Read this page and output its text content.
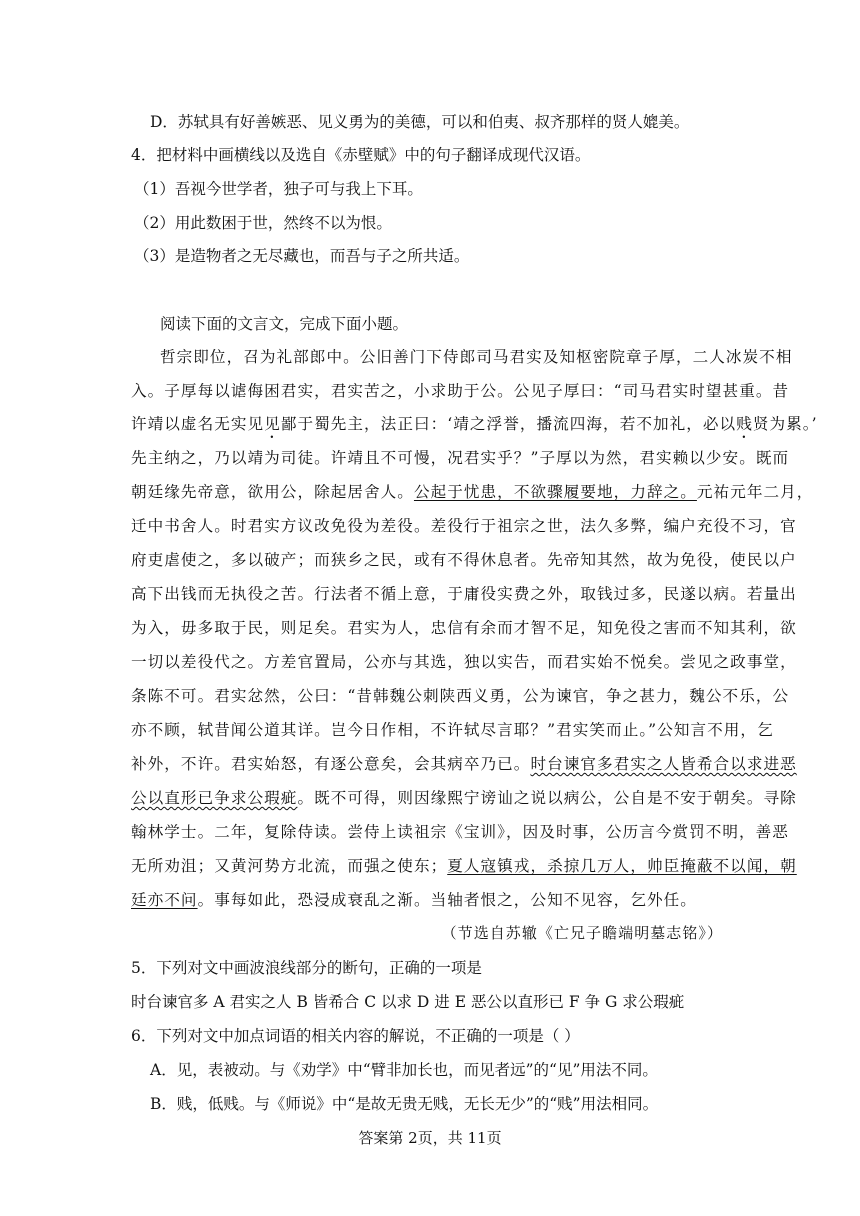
D．苏轼具有好善嫉恶、见义勇为的美德，可以和伯夷、叔齐那样的贤人媲美。
4．把材料中画横线以及选自《赤壁赋》中的句子翻译成现代汉语。
（1）吾视今世学者，独子可与我上下耳。
（2）用此数困于世，然终不以为恨。
（3）是造物者之无尽藏也，而吾与子之所共适。
阅读下面的文言文，完成下面小题。
哲宗即位，召为礼部郎中。公旧善门下侍郎司马君实及知枢密院章子厚，二人冰炭不相
入。子厚每以谑侮困君实，君实苦之，小求助于公。公见子厚曰：“司马君实时望甚重。昔
许靖以虚名无实见见鄙于蜀先主，法正曰：‘靖之浮誉，播流四海，若不加礼，必以贱贤为累。’
先主纳之，乃以靖为司徒。许靖且不可慢，况君实乎？”子厚以为然，君实赖以少安。既而
朝廷缘先帝意，欲用公，除起居舍人。公起于忧患，不欲骤履要地，力辞之。元祐元年二月，
迁中书舍人。时君实方议改免役为差役。差役行于祖宗之世，法久多弊，编户充役不习，官
府吏虐使之，多以破产；而狭乡之民，或有不得休息者。先帝知其然，故为免役，使民以户
高下出钱而无执役之苦。行法者不循上意，于庸役实费之外，取钱过多，民遂以病。若量出
为入，毋多取于民，则足矣。君实为人，忠信有余而才智不足，知免役之害而不知其利，欲
一切以差役代之。方差官置局，公亦与其选，独以实告，而君实始不悦矣。尝见之政事堂，
条陈不可。君实忿然，公曰：“昔韩魏公刺陕西义勇，公为谏官，争之甚力，魏公不乐，公
亦不顾，轼昔闻公道其详。岂今日作相，不许轼尽言耶？”君实笑而止。”公知言不用，乞
补外，不许。君实始怒，有逐公意矣，会其病卒乃已。时台谏官多君实之人皆希合以求进恶
公以直形已争求公瑕疵。既不可得，则因缘熙宁谤讪之说以病公，公自是不安于朝矣。寻除
翰林学士。二年，复除侍读。尝侍上读祖宗《宝训》，因及时事，公历言今赏罚不明，善恶
无所劝沮；又黄河势方北流，而强之使东；夏人寇镇戎，杀掠几万人，帅臣掩蔽不以闻，朝
廷亦不问。事每如此，恐浸成衰乱之渐。当轴者恨之，公知不见容，乞外任。
（节选自苏辙《亡兄子瞻端明墓志铭》）
5．下列对文中画波浪线部分的断句，正确的一项是
时台谏官多 A 君实之人 B 皆希合 C 以求 D 进 E 恶公以直形已 F 争 G 求公瑕疵
6．下列对文中加点词语的相关内容的解说，不正确的一项是（ ）
A．见，表被动。与《劝学》中“臂非加长也，而见者远”的“见”用法不同。
B．贱，低贱。与《师说》中“是故无贵无贱，无长无少”的“贱”用法相同。
答案第 2页，共 11页
